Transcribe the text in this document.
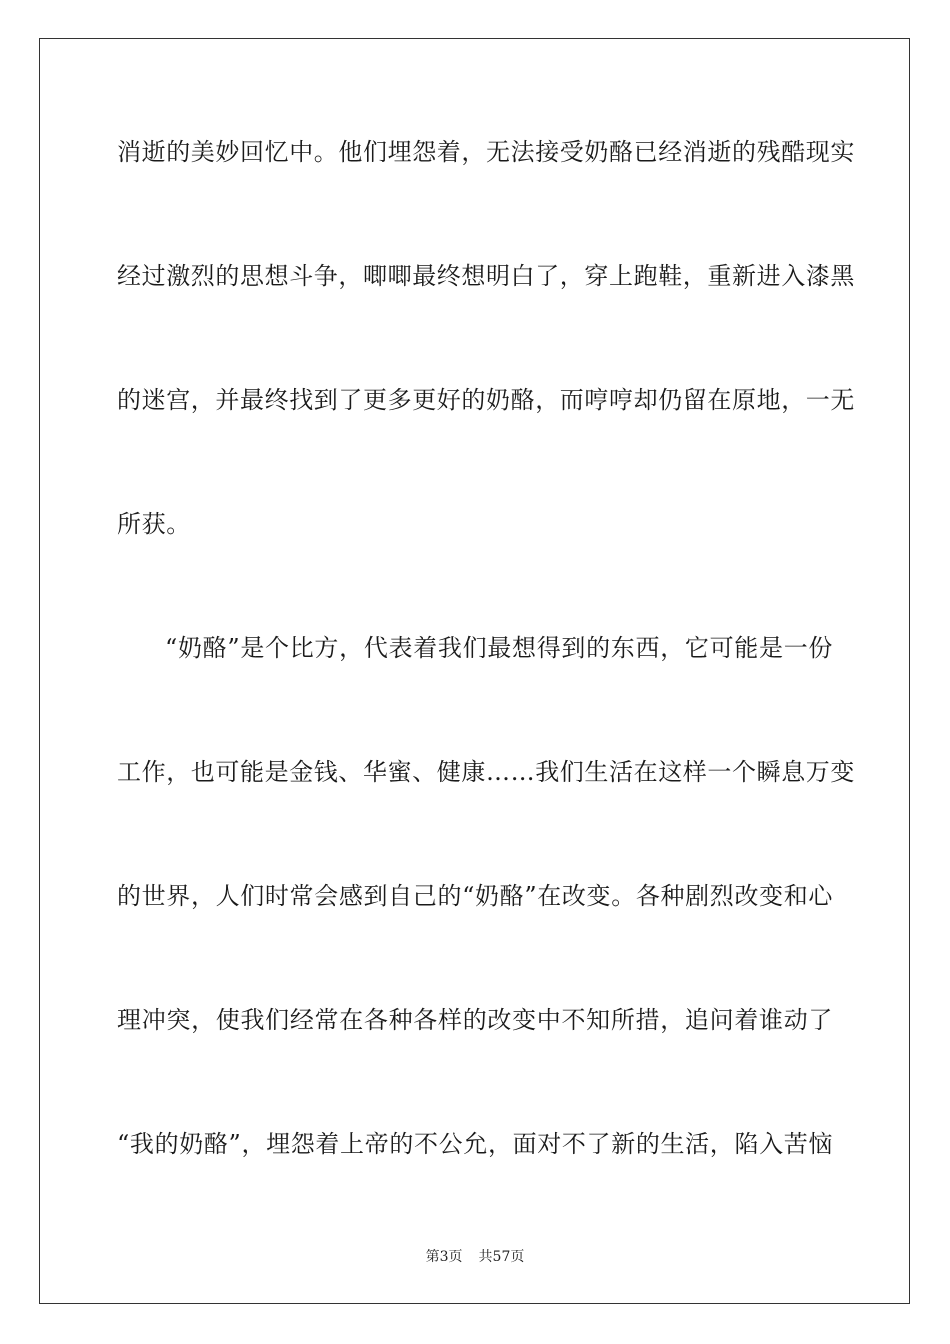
消逝的美妙回忆中。他们埋怨着，无法接受奶酪已经消逝的残酷现实
经过激烈的思想斗争，唧唧最终想明白了，穿上跑鞋，重新进入漆黑
的迷宫，并最终找到了更多更好的奶酪，而哼哼却仍留在原地，一无
所获。
“奶酪”是个比方，代表着我们最想得到的东西，它可能是一份
工作，也可能是金钱、华蜜、健康……我们生活在这样一个瞬息万变
的世界，人们时常会感到自己的“奶酪”在改变。各种剧烈改变和心
理冲突，使我们经常在各种各样的改变中不知所措，追问着谁动了
“我的奶酪”，埋怨着上帝的不公允，面对不了新的生活，陷入苦恼
第3页 共57页
